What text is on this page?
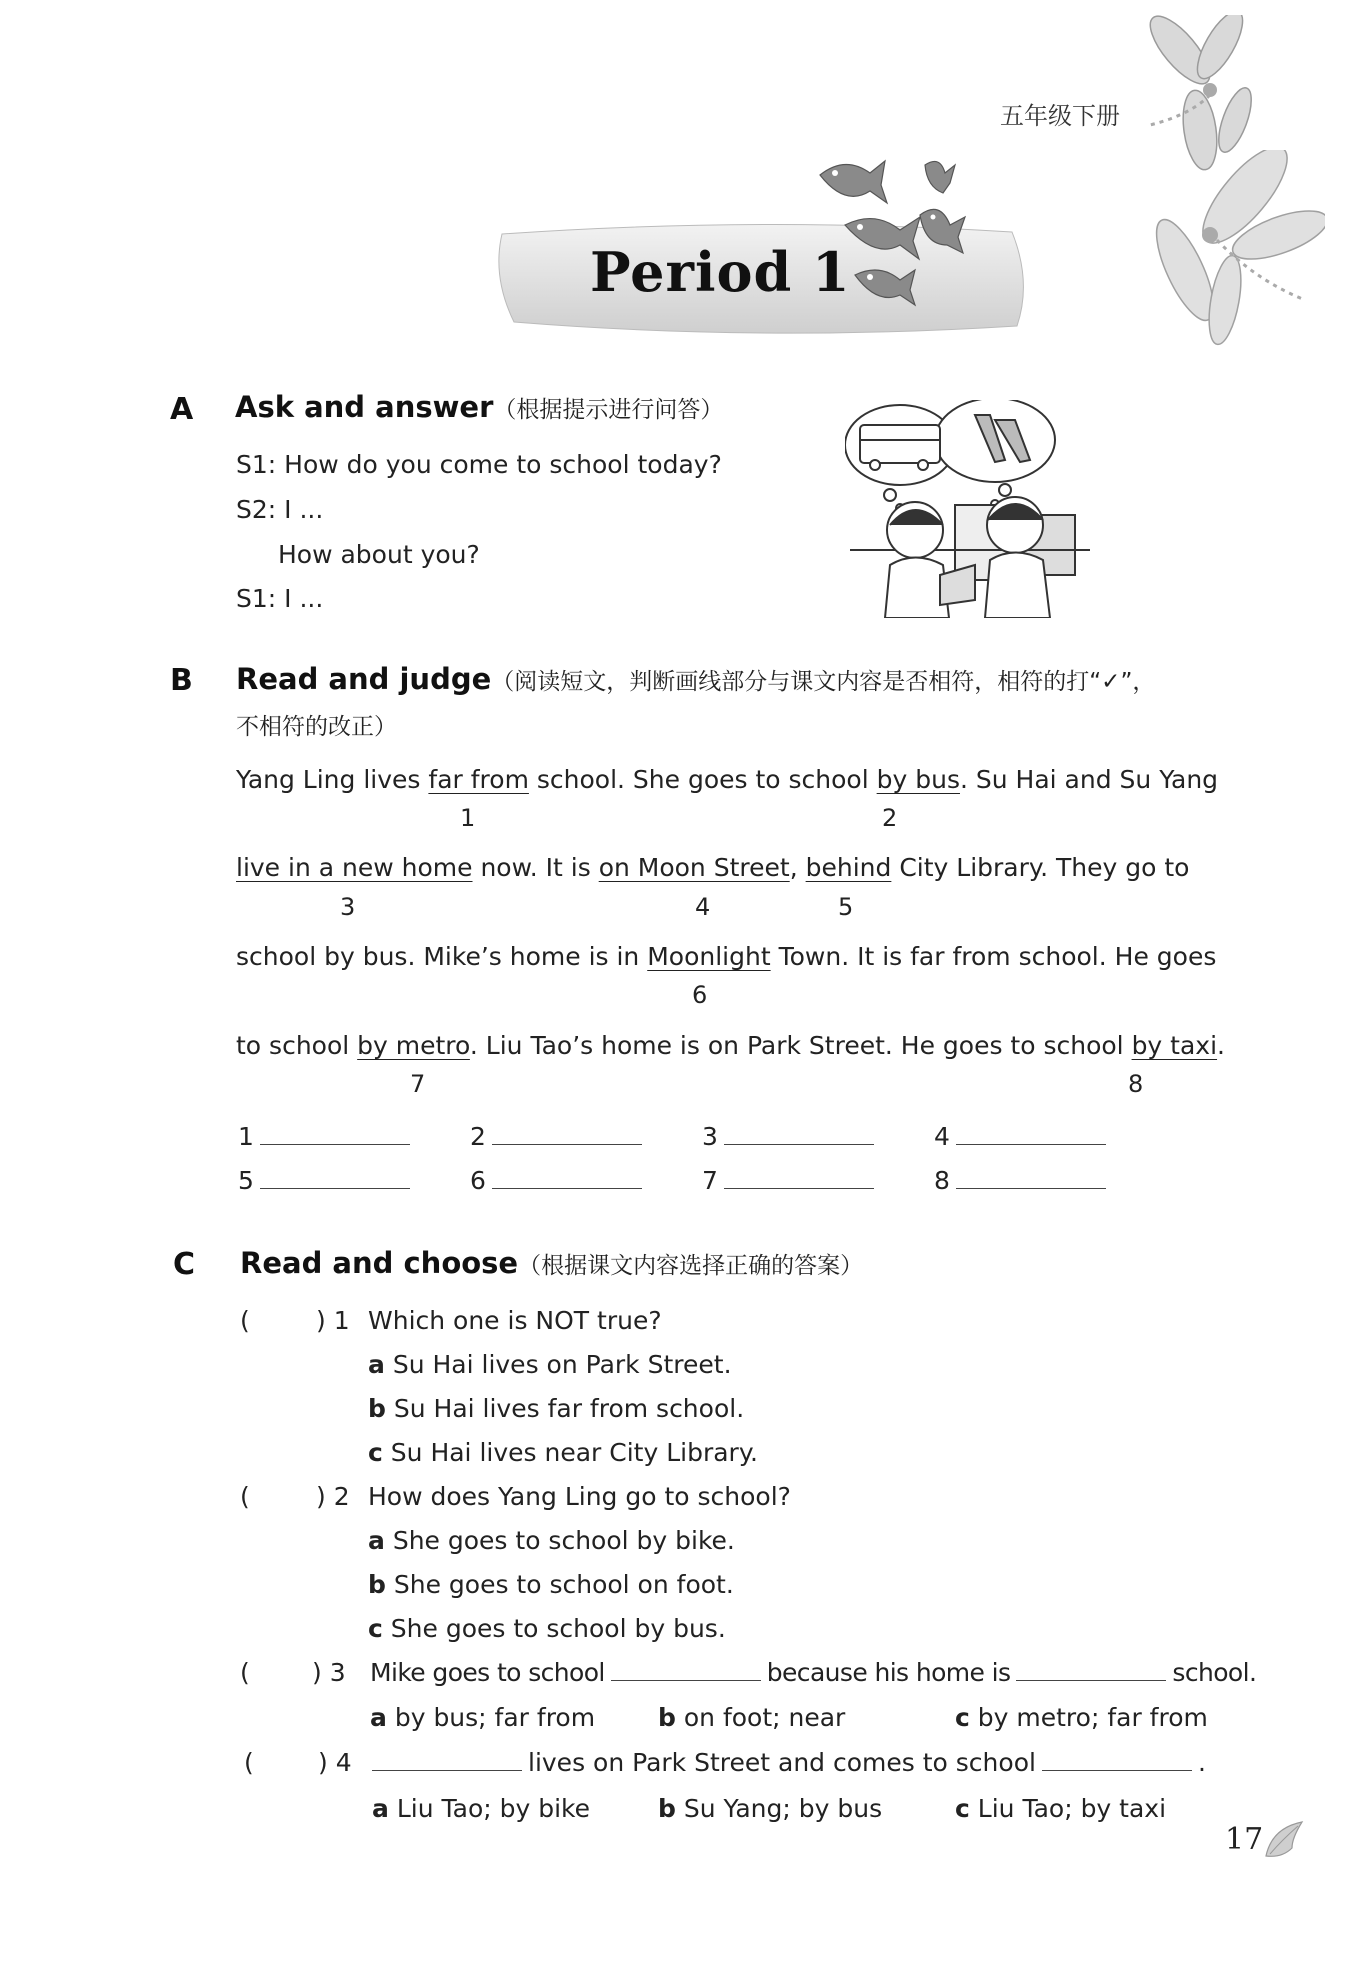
五年级下册
Period 1
A Ask and answer（根据提示进行问答）
S1: How do you come to school today?
S2: I ...
How about you?
S1: I ...
B Read and judge（阅读短文，判断画线部分与课文内容是否相符，相符的打“✓”，
不相符的改正）
Yang Ling lives far from school. She goes to school by bus. Su Hai and Su Yang
1	2
live in a new home now. It is on Moon Street, behind City Library. They go to
3	4	5
school by bus. Mike’s home is in Moonlight Town. It is far from school. He goes
6
to school by metro. Liu Tao’s home is on Park Street. He goes to school by taxi.
7	8
1	2	3	4
5	6	7	8
C Read and choose（根据课文内容选择正确的答案）
(	) 1 Which one is NOT true?
a Su Hai lives on Park Street.
b Su Hai lives far from school.
c Su Hai lives near City Library.
(	) 2 How does Yang Ling go to school?
a She goes to school by bike.
b She goes to school on foot.
c She goes to school by bus.
( ) 3 Mike goes to school	because his home is	school.
a by bus; far from	b on foot; near	c by metro; far from
(	) 4	lives on Park Street and comes to school	.
a Liu Tao; by bike	b Su Yang; by bus	c Liu Tao; by taxi
17
